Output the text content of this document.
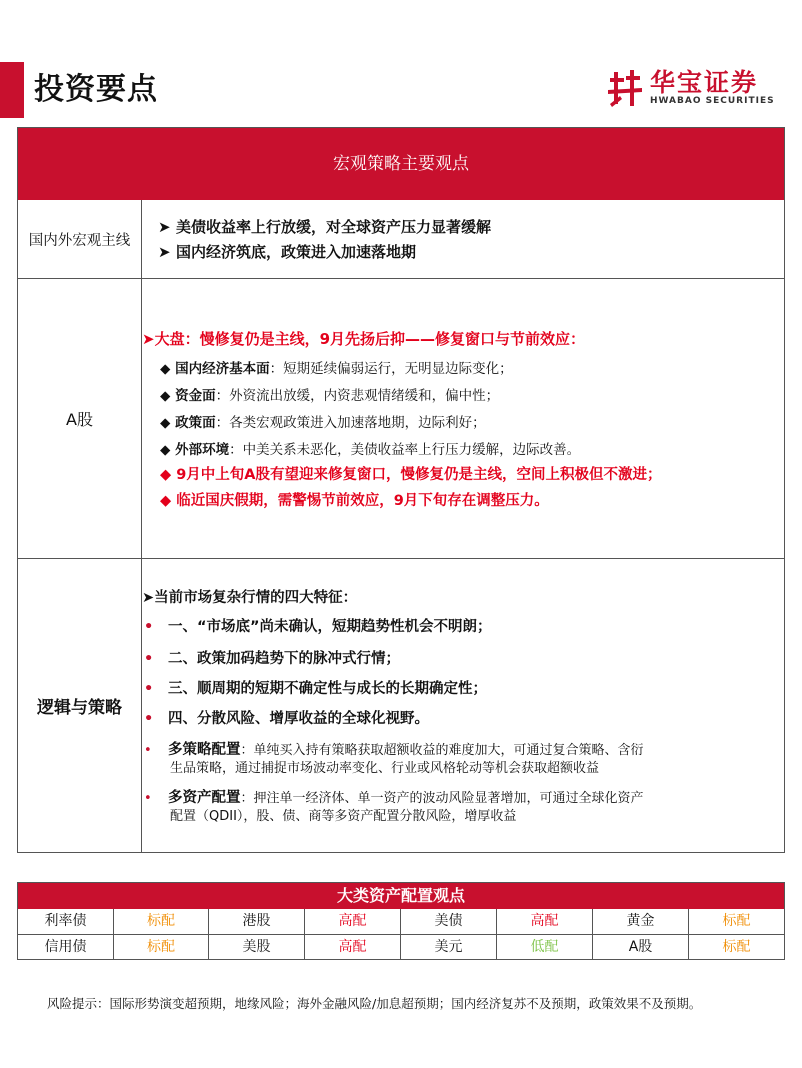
投资要点	华宝证券
HWABAO SECURITIES
宏观策略主要观点
国内外宏观主线
➤ 美债收益率上行放缓，对全球资产压力显著缓解
➤ 国内经济筑底，政策进入加速落地期
A股
➤大盘：慢修复仍是主线，9月先扬后抑——修复窗口与节前效应：
◆ 国内经济基本面：短期延续偏弱运行，无明显边际变化；
◆ 资金面：外资流出放缓，内资悲观情绪缓和，偏中性；
◆ 政策面：各类宏观政策进入加速落地期，边际利好；
◆ 外部环境：中美关系未恶化，美债收益率上行压力缓解，边际改善。
◆ 9月中上旬A股有望迎来修复窗口，慢修复仍是主线，空间上积极但不激进；
◆ 临近国庆假期，需警惕节前效应，9月下旬存在调整压力。
逻辑与策略
➤当前市场复杂行情的四大特征：
• 一、“市场底”尚未确认，短期趋势性机会不明朗；
• 二、政策加码趋势下的脉冲式行情；
• 三、顺周期的短期不确定性与成长的长期确定性；
• 四、分散风险、增厚收益的全球化视野。
• 多策略配置：单纯买入持有策略获取超额收益的难度加大，可通过复合策略、含衍
生品策略，通过捕捉市场波动率变化、行业或风格轮动等机会获取超额收益
• 多资产配置：押注单一经济体、单一资产的波动风险显著增加，可通过全球化资产
配置（QDII），股、债、商等多资产配置分散风险，增厚收益
大类资产配置观点
利率债	标配	港股	高配	美债	高配	黄金	标配
信用债	标配	美股	高配	美元	低配	A股	标配
风险提示：国际形势演变超预期，地缘风险；海外金融风险/加息超预期；国内经济复苏不及预期，政策效果不及预期。
